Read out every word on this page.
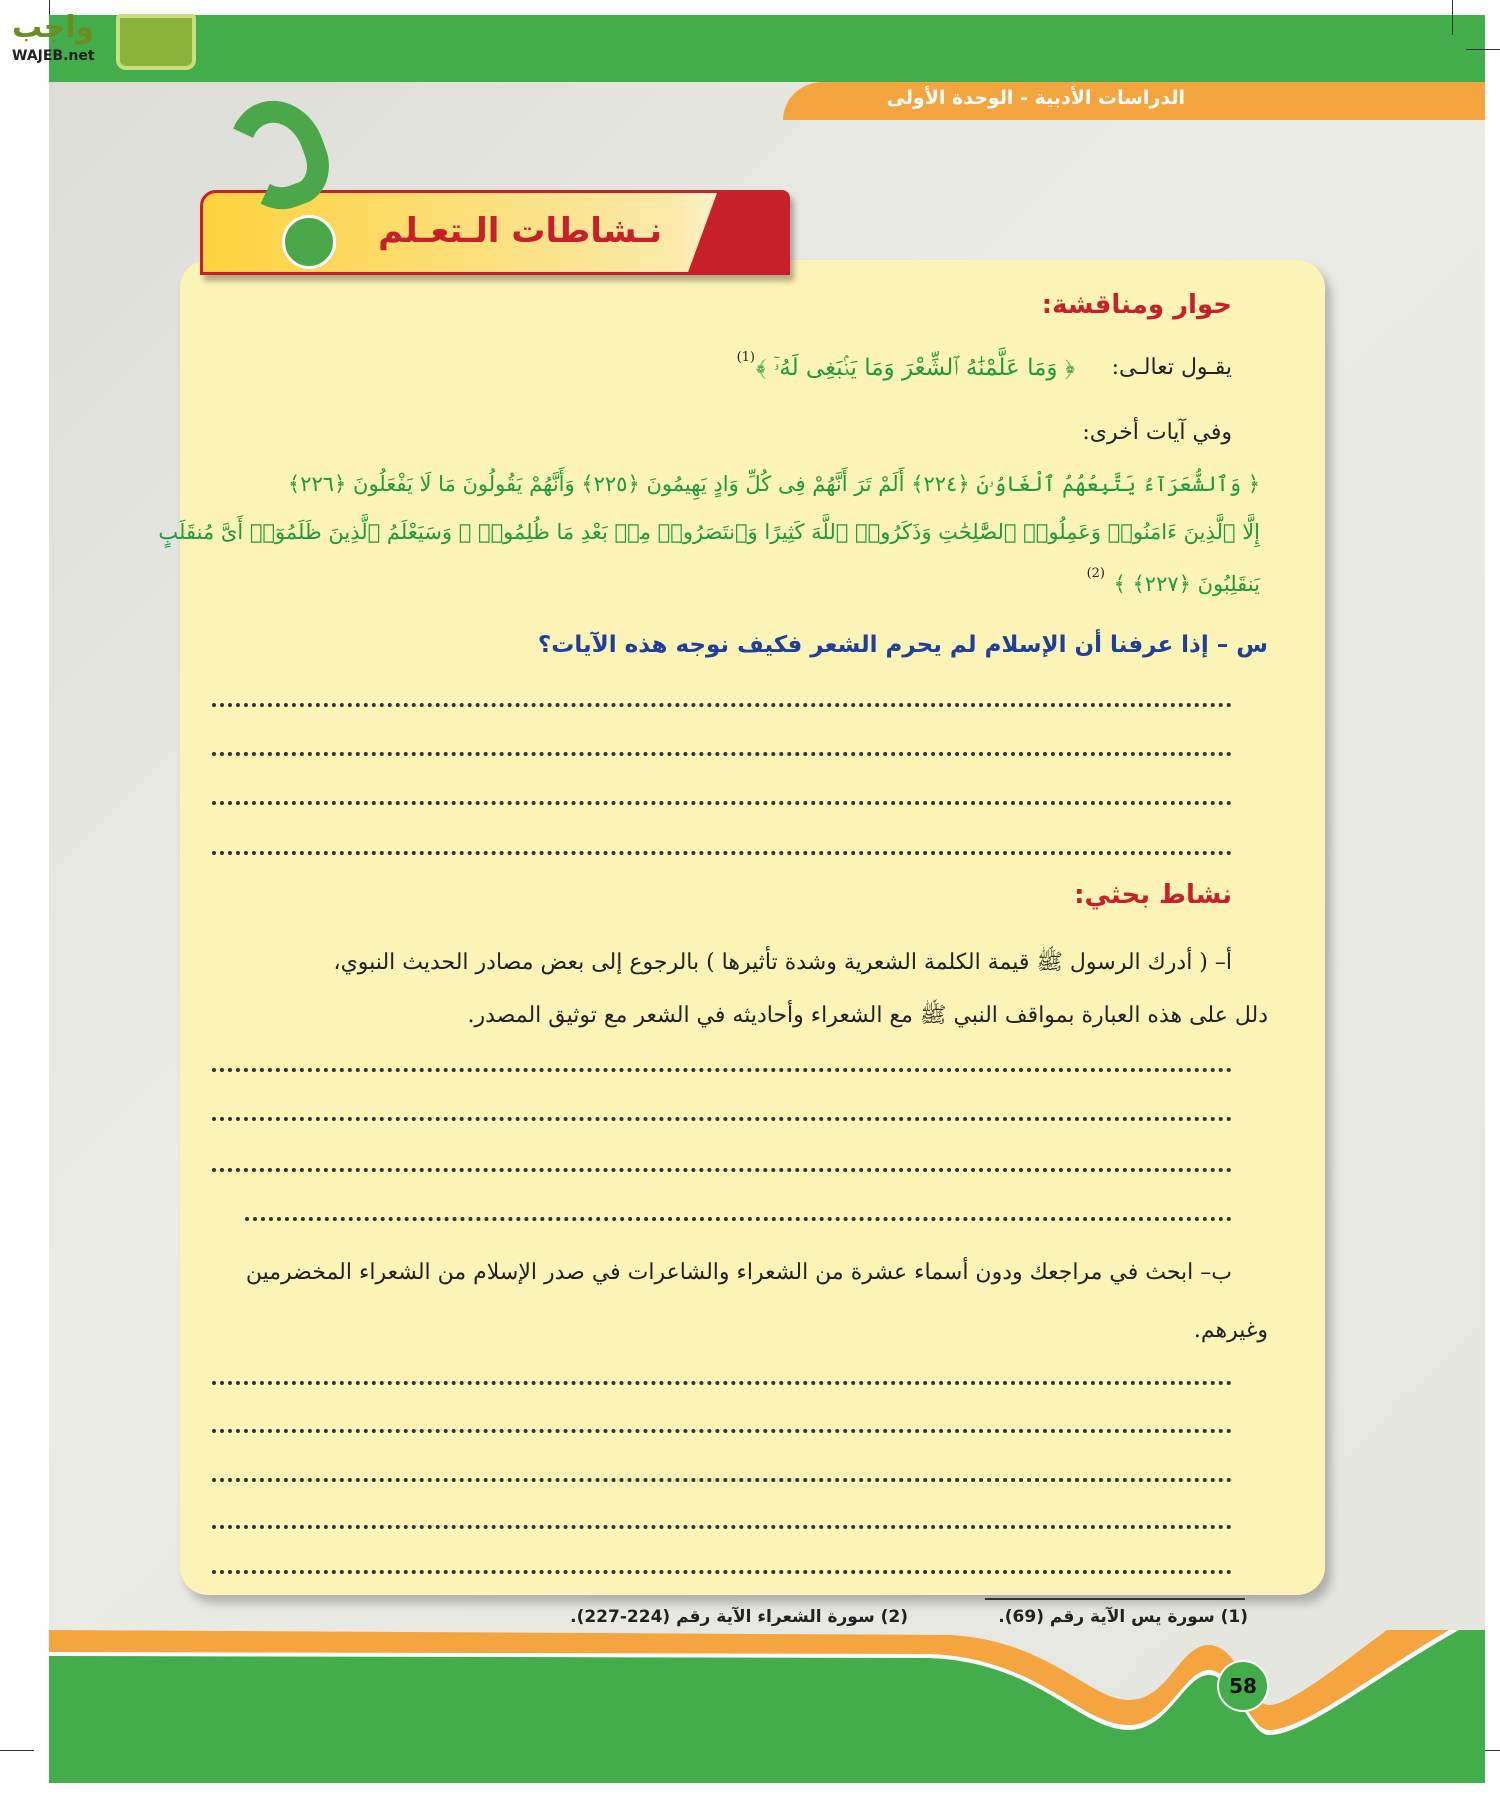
واجب
WAJEB.net
الدراسات الأدبية - الوحدة الأولى
نـشاطات الـتعـلم
حوار ومناقشة:
يقـول تعالـى:
﴿ وَمَا عَلَّمْنَٰهُ ٱلشِّعْرَ وَمَا يَنۢبَغِى لَهُۥٓ ﴾
(1)
وفي آيات أخرى:
﴿ وَٱلشُّعَرَآءُ يَتَّبِعُهُمُ ٱلْغَاوُۥنَ ﴿٢٢٤﴾ أَلَمْ تَرَ أَنَّهُمْ فِى كُلِّ وَادٍ يَهِيمُونَ ﴿٢٢٥﴾ وَأَنَّهُمْ يَقُولُونَ مَا لَا يَفْعَلُونَ ﴿٢٢٦﴾
إِلَّا ٱلَّذِينَ ءَامَنُوا۟ وَعَمِلُوا۟ ٱلصَّٰلِحَٰتِ وَذَكَرُوا۟ ٱللَّهَ كَثِيرًا وَٱنتَصَرُوا۟ مِنۢ بَعْدِ مَا ظُلِمُوا۟ ۗ وَسَيَعْلَمُ ٱلَّذِينَ ظَلَمُوٓا۟ أَىَّ مُنقَلَبٍ
يَنقَلِبُونَ ﴿٢٢٧﴾ ﴾
(2)
س – إذا عرفنا أن الإسلام لم يحرم الشعر فكيف نوجه هذه الآيات؟
نشاط بحثي:
أ– ( أدرك الرسول ﷺ قيمة الكلمة الشعرية وشدة تأثيرها ) بالرجوع إلى بعض مصادر الحديث النبوي،
دلل على هذه العبارة بمواقف النبي ﷺ مع الشعراء وأحاديثه في الشعر مع توثيق المصدر.
ب– ابحث في مراجعك ودون أسماء عشرة من الشعراء والشاعرات في صدر الإسلام من الشعراء المخضرمين
وغيرهم.
(1) سورة يس الآية رقم (69).
(2) سورة الشعراء الآية رقم (224-227).
58
